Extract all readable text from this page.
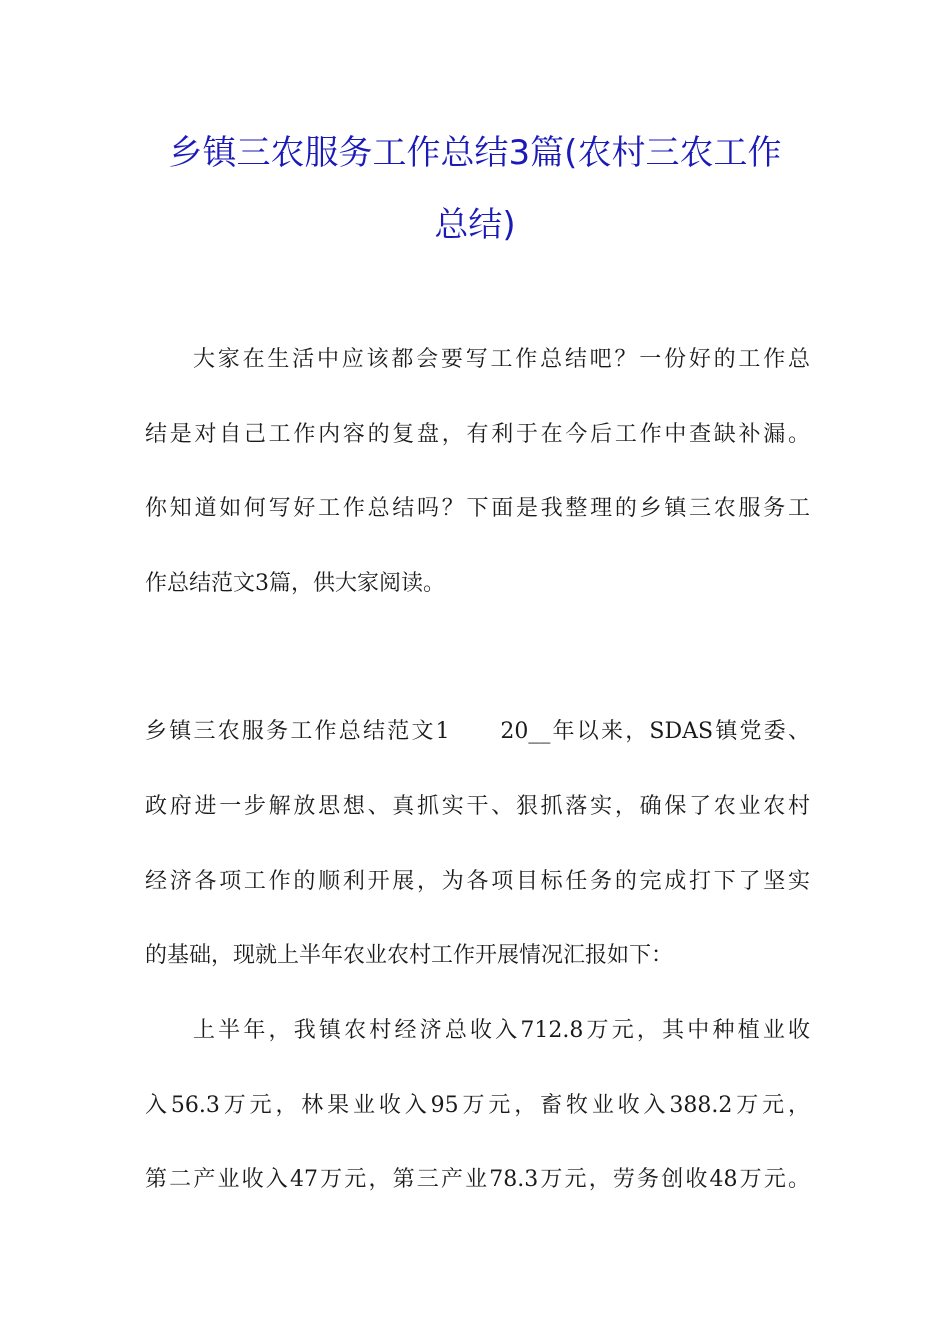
乡镇三农服务工作总结3篇(农村三农工作
总结)
大家在生活中应该都会要写工作总结吧？一份好的工作总
结是对自己工作内容的复盘，有利于在今后工作中查缺补漏。
你知道如何写好工作总结吗？下面是我整理的乡镇三农服务工
作总结范文3篇，供大家阅读。
乡镇三农服务工作总结范文1　　20__年以来，SDAS镇党委、
政府进一步解放思想、真抓实干、狠抓落实，确保了农业农村
经济各项工作的顺利开展，为各项目标任务的完成打下了坚实
的基础，现就上半年农业农村工作开展情况汇报如下：
上半年，我镇农村经济总收入712.8万元，其中种植业收
入56.3万元，林果业收入95万元，畜牧业收入388.2万元，
第二产业收入47万元，第三产业78.3万元，劳务创收48万元。
